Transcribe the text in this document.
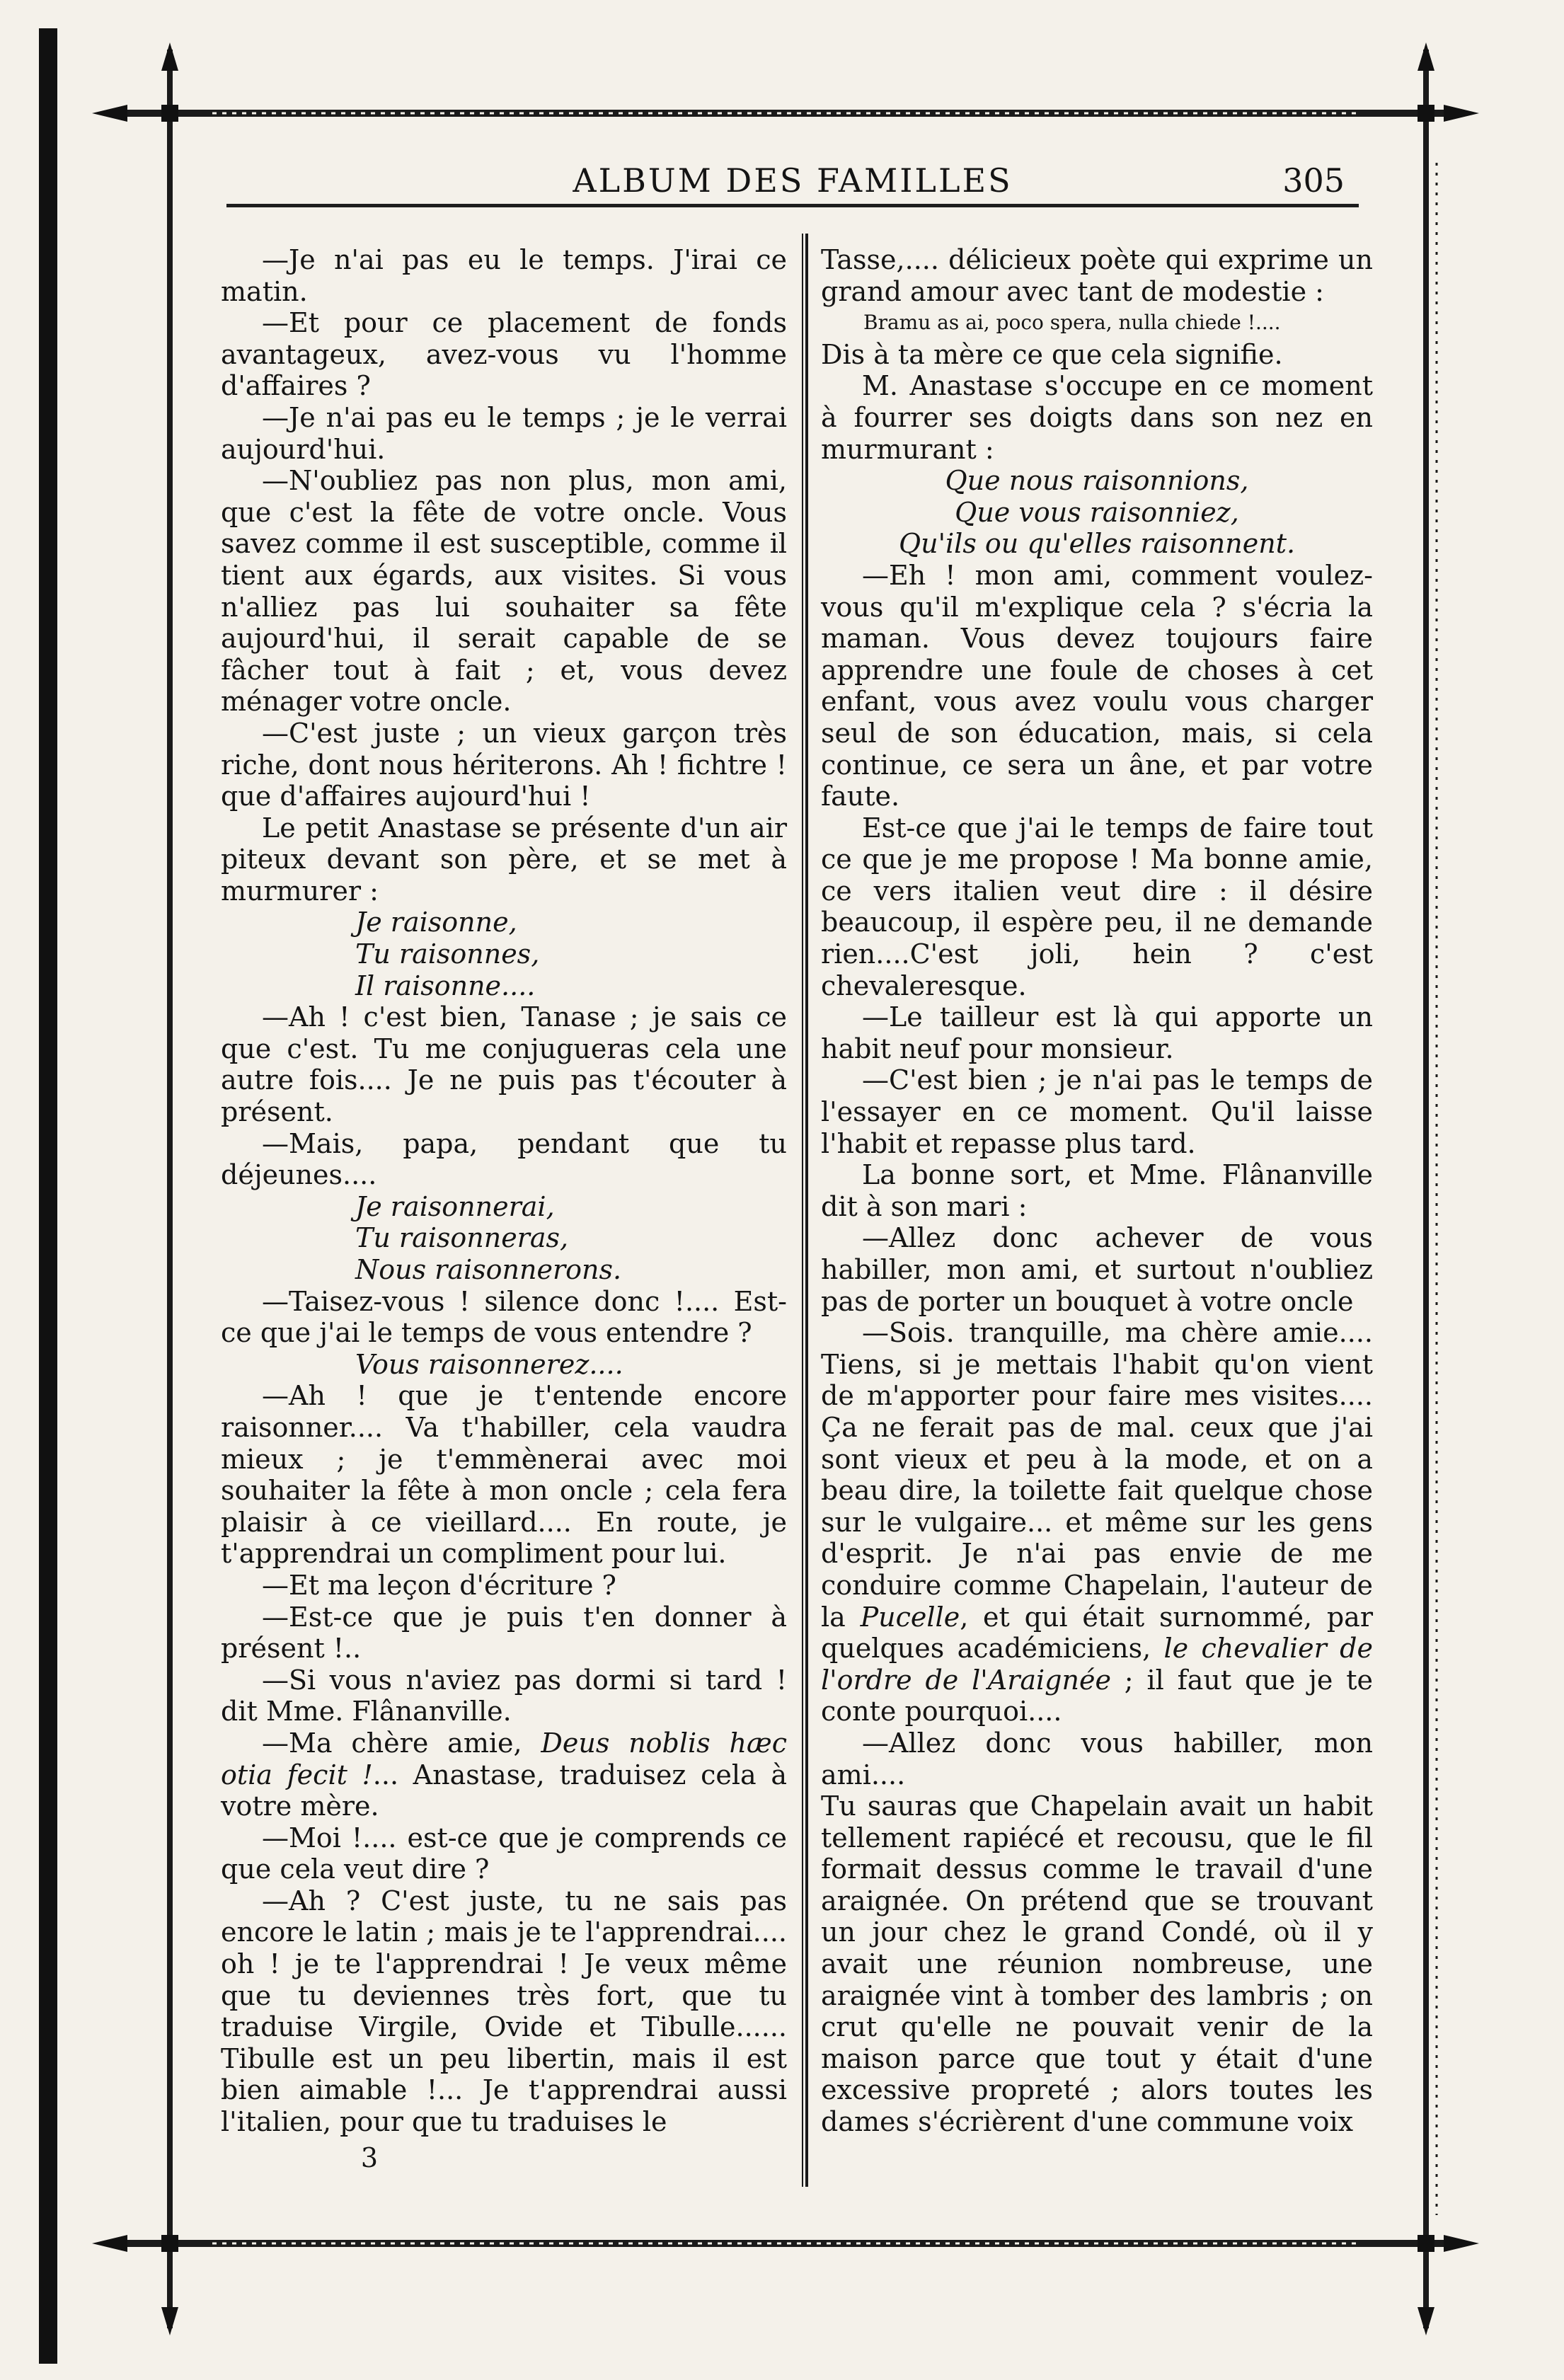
ALBUM DES FAMILLES	305

—Je n'ai pas eu le temps. J'irai ce matin.

—Et pour ce placement de fonds avantageux, avez-vous vu l'homme d'affaires ?

—Je n'ai pas eu le temps ; je le verrai aujourd'hui.

—N'oubliez pas non plus, mon ami, que c'est la fête de votre oncle. Vous savez comme il est susceptible, comme il tient aux égards, aux visites. Si vous n'alliez pas lui souhaiter sa fête aujourd'hui, il serait capable de se fâcher tout à fait ; et, vous devez ménager votre oncle.

—C'est juste ; un vieux garçon très riche, dont nous hériterons. Ah ! fichtre ! que d'affaires aujourd'hui !

Le petit Anastase se présente d'un air piteux devant son père, et se met à murmurer :

Je raisonne,

Tu raisonnes,

Il raisonne....

—Ah ! c'est bien, Tanase ; je sais ce que c'est. Tu me conjugueras cela une autre fois.... Je ne puis pas t'écouter à présent.

—Mais, papa, pendant que tu déjeunes....

Je raisonnerai,

Tu raisonneras,

Nous raisonnerons.

—Taisez-vous ! silence donc !.... Est-ce que j'ai le temps de vous entendre ?

Vous raisonnerez....

—Ah ! que je t'entende encore raisonner.... Va t'habiller, cela vaudra mieux ; je t'emmènerai avec moi souhaiter la fête à mon oncle ; cela fera plaisir à ce vieillard.... En route, je t'apprendrai un compliment pour lui.

—Et ma leçon d'écriture ?

—Est-ce que je puis t'en donner à présent !..

—Si vous n'aviez pas dormi si tard ! dit Mme. Flânanville.

—Ma chère amie, Deus noblis hæc otia fecit !... Anastase, traduisez cela à votre mère.

—Moi !.... est-ce que je comprends ce que cela veut dire ?

—Ah ? C'est juste, tu ne sais pas encore le latin ; mais je te l'apprendrai.... oh ! je te l'apprendrai ! Je veux même que tu deviennes très fort, que tu traduise Virgile, Ovide et Tibulle...... Tibulle est un peu libertin, mais il est bien aimable !... Je t'apprendrai aussi l'italien, pour que tu traduises le

3

Tasse,.... délicieux poète qui exprime un grand amour avec tant de modestie :

Bramu as ai, poco spera, nulla chiede !....

Dis à ta mère ce que cela signifie.

M. Anastase s'occupe en ce moment à fourrer ses doigts dans son nez en murmurant :

Que nous raisonnions,

Que vous raisonniez,

Qu'ils ou qu'elles raisonnent.

—Eh ! mon ami, comment voulez-vous qu'il m'explique cela ? s'écria la maman. Vous devez toujours faire apprendre une foule de choses à cet enfant, vous avez voulu vous charger seul de son éducation, mais, si cela continue, ce sera un âne, et par votre faute.

Est-ce que j'ai le temps de faire tout ce que je me propose ! Ma bonne amie, ce vers italien veut dire : il désire beaucoup, il espère peu, il ne demande rien....C'est joli, hein ? c'est chevaleresque.

—Le tailleur est là qui apporte un habit neuf pour monsieur.

—C'est bien ; je n'ai pas le temps de l'essayer en ce moment. Qu'il laisse l'habit et repasse plus tard.

La bonne sort, et Mme. Flânanville dit à son mari :

—Allez donc achever de vous habiller, mon ami, et surtout n'oubliez pas de porter un bouquet à votre oncle

—Sois. tranquille, ma chère amie.... Tiens, si je mettais l'habit qu'on vient de m'apporter pour faire mes visites.... Ça ne ferait pas de mal. ceux que j'ai sont vieux et peu à la mode, et on a beau dire, la toilette fait quelque chose sur le vulgaire... et même sur les gens d'esprit. Je n'ai pas envie de me conduire comme Chapelain, l'auteur de la Pucelle, et qui était surnommé, par quelques académiciens, le chevalier de l'ordre de l'Araignée ; il faut que je te conte pourquoi....

—Allez donc vous habiller, mon ami....

Tu sauras que Chapelain avait un habit tellement rapiécé et recousu, que le fil formait dessus comme le travail d'une araignée. On prétend que se trouvant un jour chez le grand Condé, où il y avait une réunion nombreuse, une araignée vint à tomber des lambris ; on crut qu'elle ne pouvait venir de la maison parce que tout y était d'une excessive propreté ; alors toutes les dames s'écrièrent d'une commune voix
